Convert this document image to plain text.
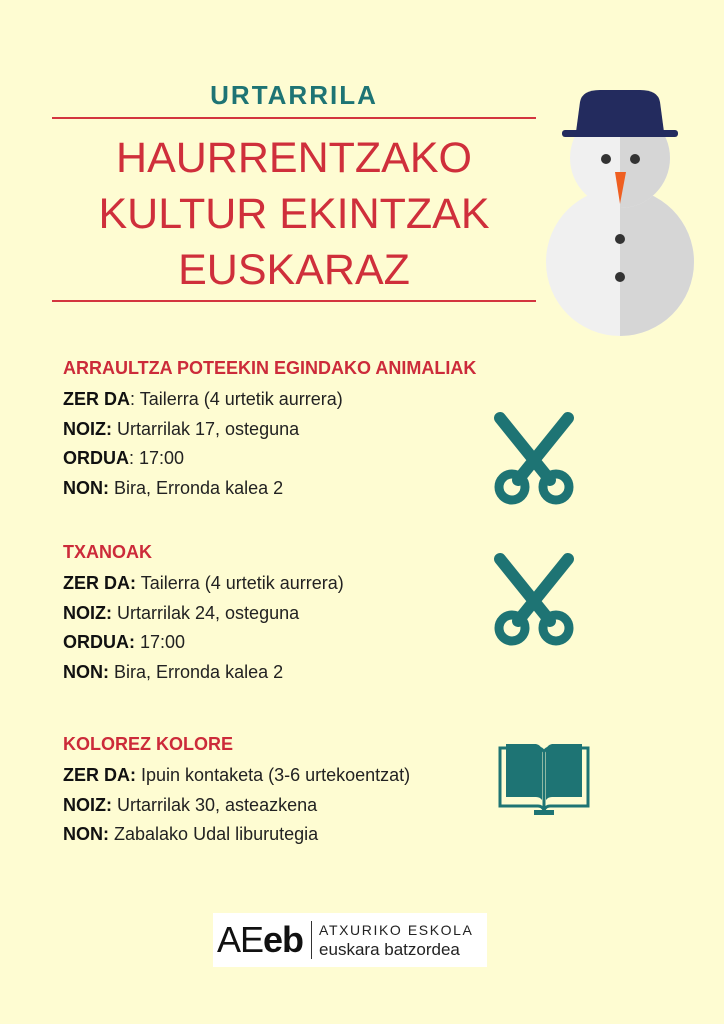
URTARRILA
HAURRENTZAKO
KULTUR EKINTZAK
EUSKARAZ
ARRAULTZA POTEEKIN EGINDAKO ANIMALIAK
ZER DA: Tailerra (4 urtetik aurrera)
NOIZ: Urtarrilak 17, osteguna
ORDUA: 17:00
NON: Bira, Erronda kalea 2
TXANOAK
ZER DA: Tailerra (4 urtetik aurrera)
NOIZ: Urtarrilak 24, osteguna
ORDUA: 17:00
NON: Bira, Erronda kalea 2
KOLOREZ KOLORE
ZER DA: Ipuin kontaketa (3-6 urtekoentzat)
NOIZ: Urtarrilak 30, asteazkena
NON: Zabalako Udal liburutegia
AE eb ATXURIKO ESKOLA
euskara batzordea
